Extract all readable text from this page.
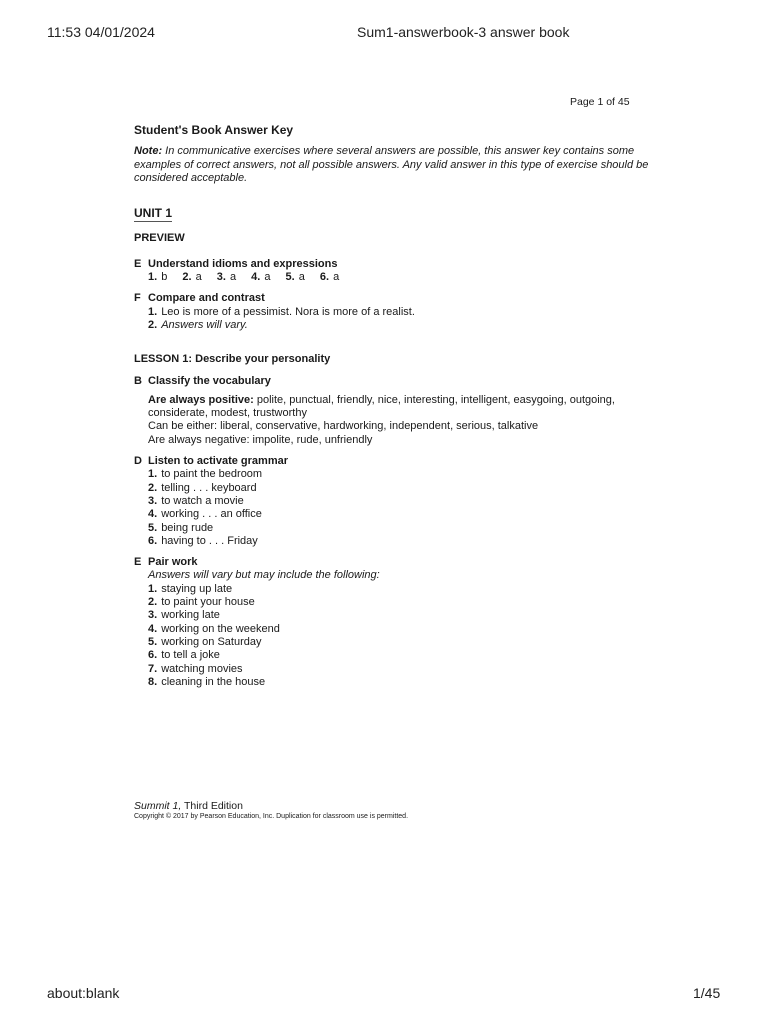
11:53 04/01/2024	Sum1-answerbook-3 answer book
Page 1 of 45
Student's Book Answer Key
Note: In communicative exercises where several answers are possible, this answer key contains some examples of correct answers, not all possible answers. Any valid answer in this type of exercise should be considered acceptable.
UNIT 1
PREVIEW
E Understand idioms and expressions
1. b 2. a 3. a 4. a 5. a 6. a
F Compare and contrast
1. Leo is more of a pessimist. Nora is more of a realist.
2. Answers will vary.
LESSON 1: Describe your personality
B Classify the vocabulary
Are always positive: polite, punctual, friendly, nice, interesting, intelligent, easygoing, outgoing, considerate, modest, trustworthy
Can be either: liberal, conservative, hardworking, independent, serious, talkative
Are always negative: impolite, rude, unfriendly
D Listen to activate grammar
1. to paint the bedroom
2. telling . . . keyboard
3. to watch a movie
4. working . . . an office
5. being rude
6. having to . . . Friday
E Pair work
Answers will vary but may include the following:
1. staying up late
2. to paint your house
3. working late
4. working on the weekend
5. working on Saturday
6. to tell a joke
7. watching movies
8. cleaning in the house
Summit 1, Third Edition
Copyright © 2017 by Pearson Education, Inc. Duplication for classroom use is permitted.
about:blank	1/45
